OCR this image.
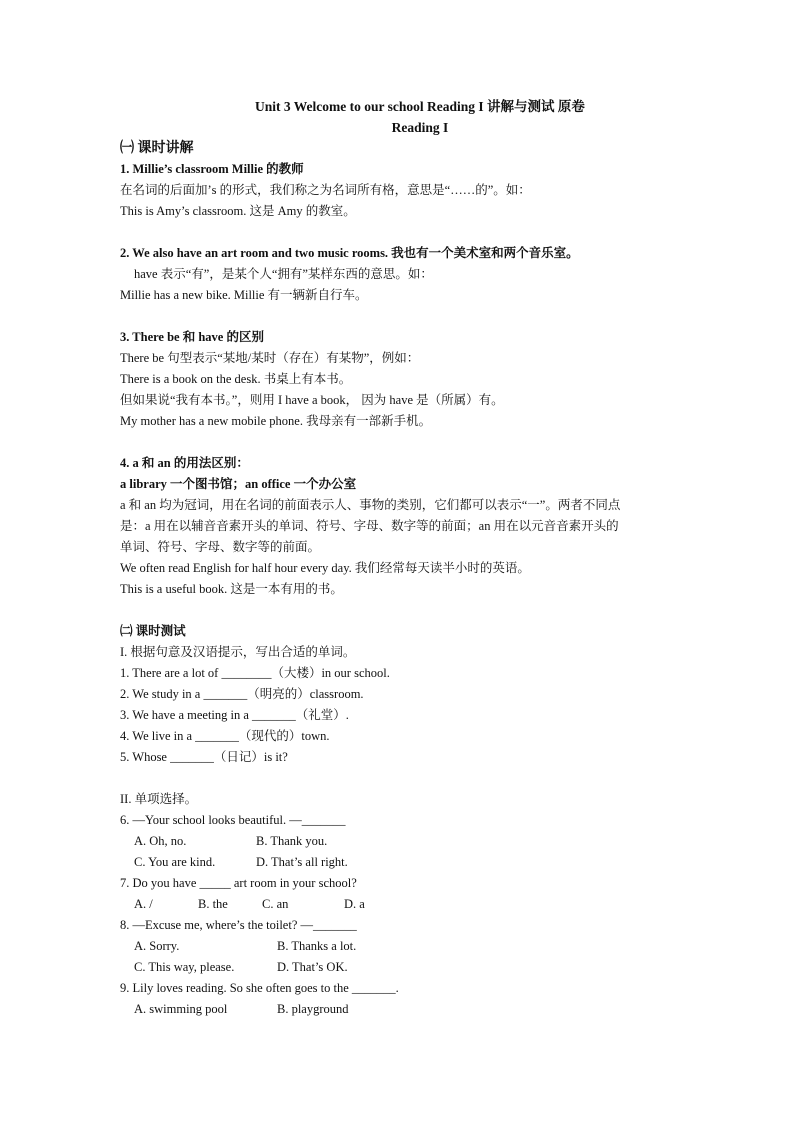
Unit 3 Welcome to our school Reading I 讲解与测试 原卷
Reading I
㈠ 课时讲解
1. Millie’s classroom Millie 的教师
在名词的后面加’s 的形式，我们称之为名词所有格，意思是“……的”。如：
This is Amy’s classroom. 这是 Amy 的教室。
2. We also have an art room and two music rooms. 我也有一个美术室和两个音乐室。
have 表示“有”，是某个人“拥有”某样东西的意思。如：
Millie has a new bike. Millie 有一辆新自行车。
3. There be 和 have 的区别
There be 句型表示“某地/某时（存在）有某物”，例如：
There is a book on the desk. 书桌上有本书。
但如果说“我有本书。”，则用 I have a book， 因为 have 是（所属）有。
My mother has a new mobile phone. 我母亲有一部新手机。
4. a 和 an 的用法区别：
a library 一个图书馆；an office 一个办公室
a 和 an 均为冠词，用在名词的前面表示人、事物的类别，它们都可以表示“一”。两者不同点
是：a 用在以辅音音素开头的单词、符号、字母、数字等的前面；an 用在以元音音素开头的
单词、符号、字母、数字等的前面。
We often read English for half hour every day. 我们经常每天读半小时的英语。
This is a useful book. 这是一本有用的书。
㈡ 课时测试
I. 根据句意及汉语提示，写出合适的单词。
1. There are a lot of ________（大楼）in our school.
2. We study in a _______（明亮的）classroom.
3. We have a meeting in a _______（礼堂）.
4. We live in a _______（现代的）town.
5. Whose _______（日记）is it?
II. 单项选择。
6. —Your school looks beautiful. —_______
A. Oh, no.	B. Thank you.
C. You are kind.	D. That’s all right.
7. Do you have _____ art room in your school?
A. /	B. the	C. an	D. a
8. —Excuse me, where’s the toilet? —_______
A. Sorry.	B. Thanks a lot.
C. This way, please.	D. That’s OK.
9. Lily loves reading. So she often goes to the _______.
A. swimming pool	B. playground
